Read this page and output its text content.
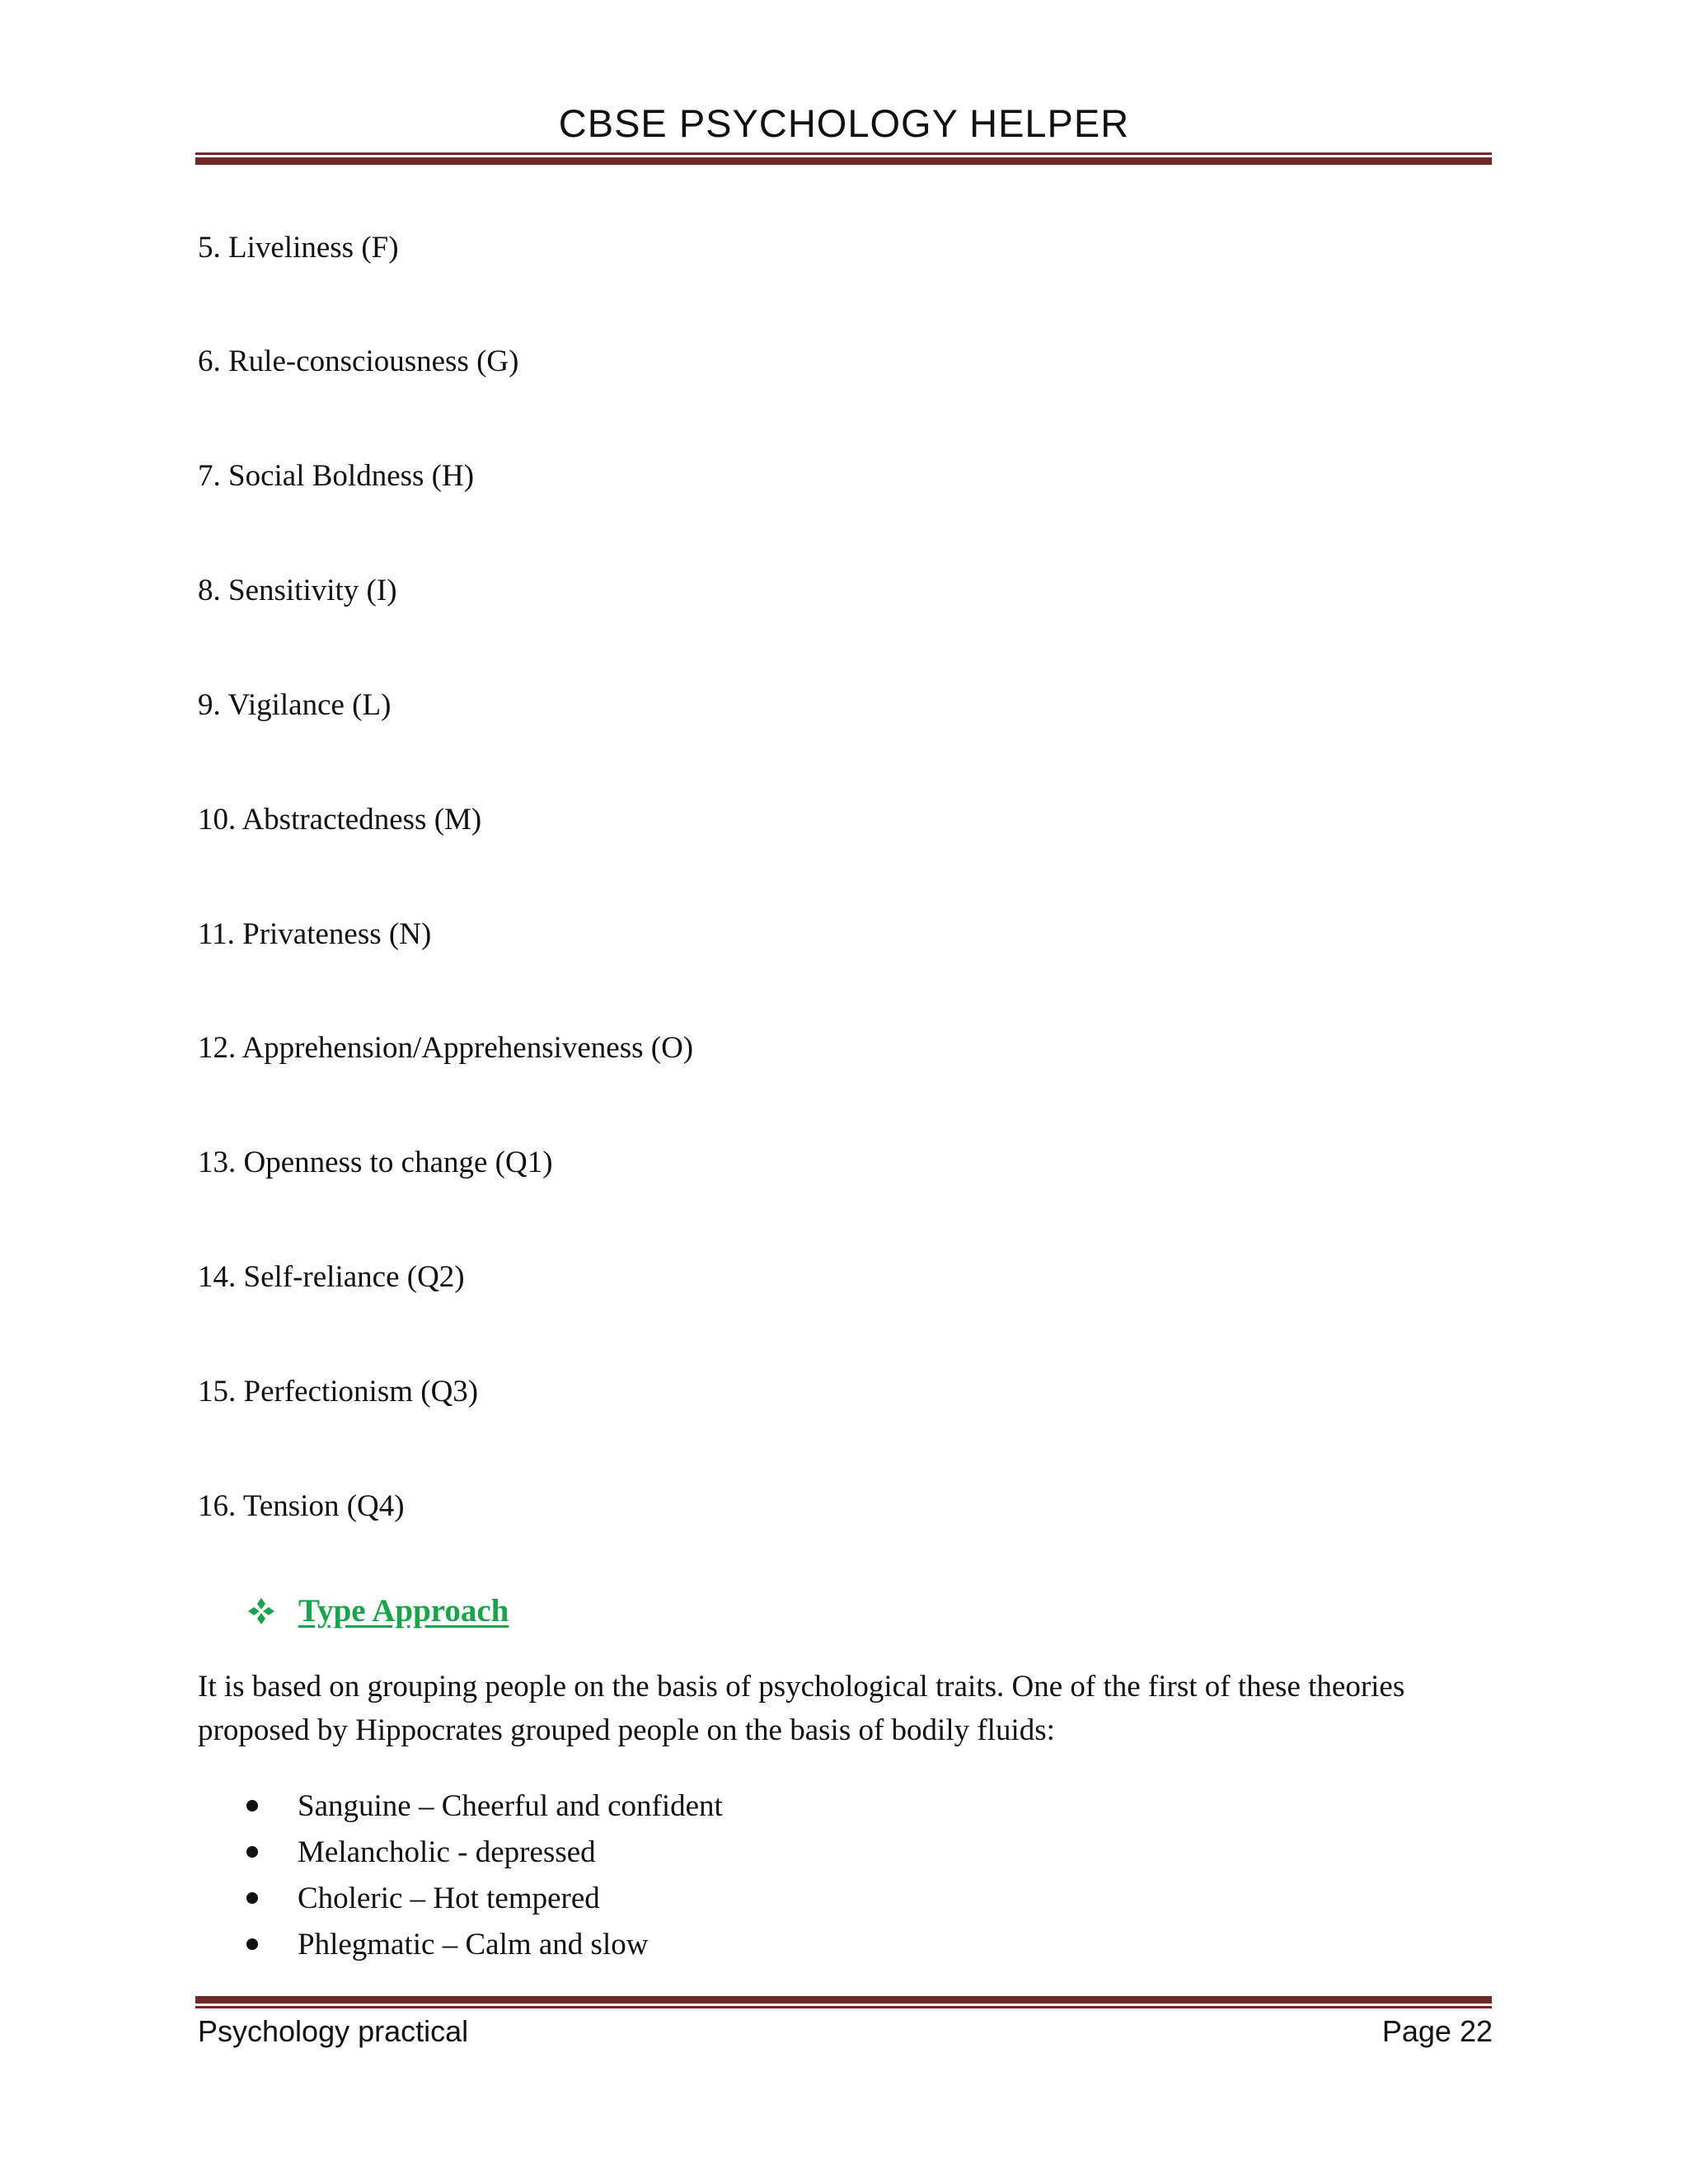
CBSE PSYCHOLOGY HELPER
5. Liveliness (F)
6. Rule-consciousness (G)
7. Social Boldness (H)
8. Sensitivity (I)
9. Vigilance (L)
10. Abstractedness (M)
11. Privateness (N)
12. Apprehension/Apprehensiveness (O)
13. Openness to change (Q1)
14. Self-reliance (Q2)
15. Perfectionism (Q3)
16. Tension (Q4)
Type Approach
It is based on grouping people on the basis of psychological traits. One of the first of these theories
proposed by Hippocrates grouped people on the basis of bodily fluids:
Sanguine – Cheerful and confident
Melancholic - depressed
Choleric – Hot tempered
Phlegmatic – Calm and slow
Psychology practical	Page 22
